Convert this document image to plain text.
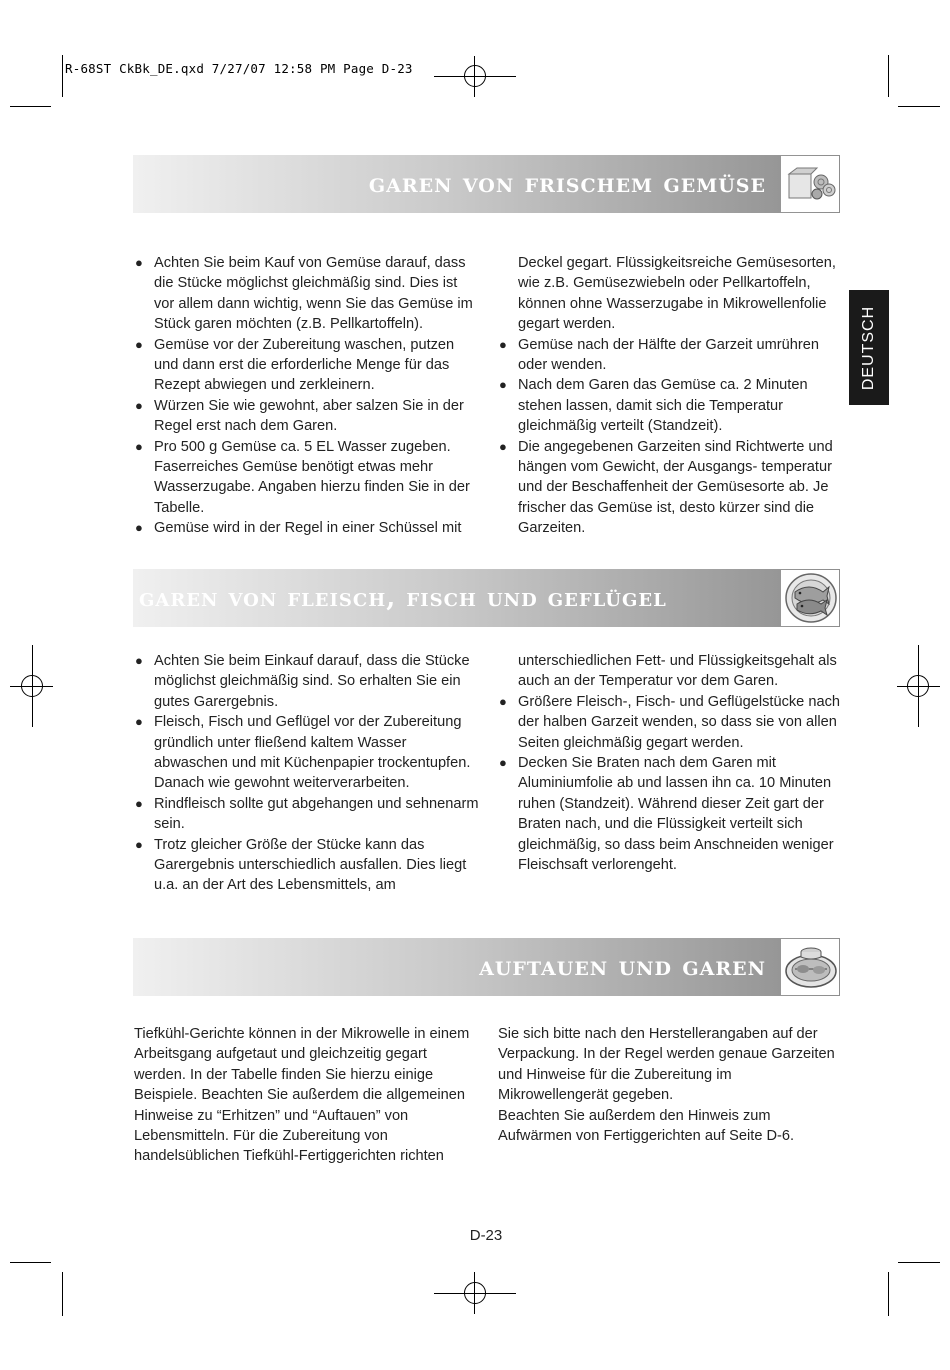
R-68ST CkBk_DE.qxd 7/27/07 12:58 PM Page D-23
DEUTSCH
garen von frischem gemüse
● Achten Sie beim Kauf von Gemüse darauf, dass die Stücke möglichst gleichmäßig sind. Dies ist vor allem dann wichtig, wenn Sie das Gemüse im Stück garen möchten (z.B. Pellkartoffeln).
● Gemüse vor der Zubereitung waschen, putzen und dann erst die erforderliche Menge für das Rezept abwiegen und zerkleinern.
● Würzen Sie wie gewohnt, aber salzen Sie in der Regel erst nach dem Garen.
● Pro 500 g Gemüse ca. 5 EL Wasser zugeben. Faserreiches Gemüse benötigt etwas mehr Wasserzugabe. Angaben hierzu finden Sie in der Tabelle.
● Gemüse wird in der Regel in einer Schüssel mit

Deckel gegart. Flüssigkeitsreiche Gemüsesorten, wie z.B. Gemüsezwiebeln oder Pellkartoffeln, können ohne Wasserzugabe in Mikrowellenfolie gegart werden.

● Gemüse nach der Hälfte der Garzeit umrühren oder wenden.
● Nach dem Garen das Gemüse ca. 2 Minuten stehen lassen, damit sich die Temperatur gleichmäßig verteilt (Standzeit).
● Die angegebenen Garzeiten sind Richtwerte und hängen vom Gewicht, der Ausgangs- temperatur und der Beschaffenheit der Gemüsesorte ab. Je frischer das Gemüse ist, desto kürzer sind die Garzeiten.
garen von fleisch, fisch und geflügel
● Achten Sie beim Einkauf darauf, dass die Stücke möglichst gleichmäßig sind. So erhalten Sie ein gutes Garergebnis.
● Fleisch, Fisch und Geflügel vor der Zubereitung gründlich unter fließend kaltem Wasser abwaschen und mit Küchenpapier trockentupfen. Danach wie gewohnt weiterverarbeiten.
● Rindfleisch sollte gut abgehangen und sehnenarm sein.
● Trotz gleicher Größe der Stücke kann das Garergebnis unterschiedlich ausfallen. Dies liegt u.a. an der Art des Lebensmittels, am

unterschiedlichen Fett- und Flüssigkeitsgehalt als auch an der Temperatur vor dem Garen.

● Größere Fleisch-, Fisch- und Geflügelstücke nach der halben Garzeit wenden, so dass sie von allen Seiten gleichmäßig gegart werden.
● Decken Sie Braten nach dem Garen mit Aluminiumfolie ab und lassen ihn ca. 10 Minuten ruhen (Standzeit). Während dieser Zeit gart der Braten nach, und die Flüssigkeit verteilt sich gleichmäßig, so dass beim Anschneiden weniger Fleischsaft verlorengeht.
auftauen und garen

Tiefkühl-Gerichte können in der Mikrowelle in einem Arbeitsgang aufgetaut und gleichzeitig gegart werden. In der Tabelle finden Sie hierzu einige Beispiele. Beachten Sie außerdem die allgemeinen Hinweise zu “Erhitzen” und “Auftauen” von Lebensmitteln. Für die Zubereitung von handelsüblichen Tiefkühl-Fertiggerichten richten

Sie sich bitte nach den Herstellerangaben auf der Verpackung. In der Regel werden genaue Garzeiten und Hinweise für die Zubereitung im Mikrowellengerät gegeben.

Beachten Sie außerdem den Hinweis zum Aufwärmen von Fertiggerichten auf Seite D-6.

D-23
